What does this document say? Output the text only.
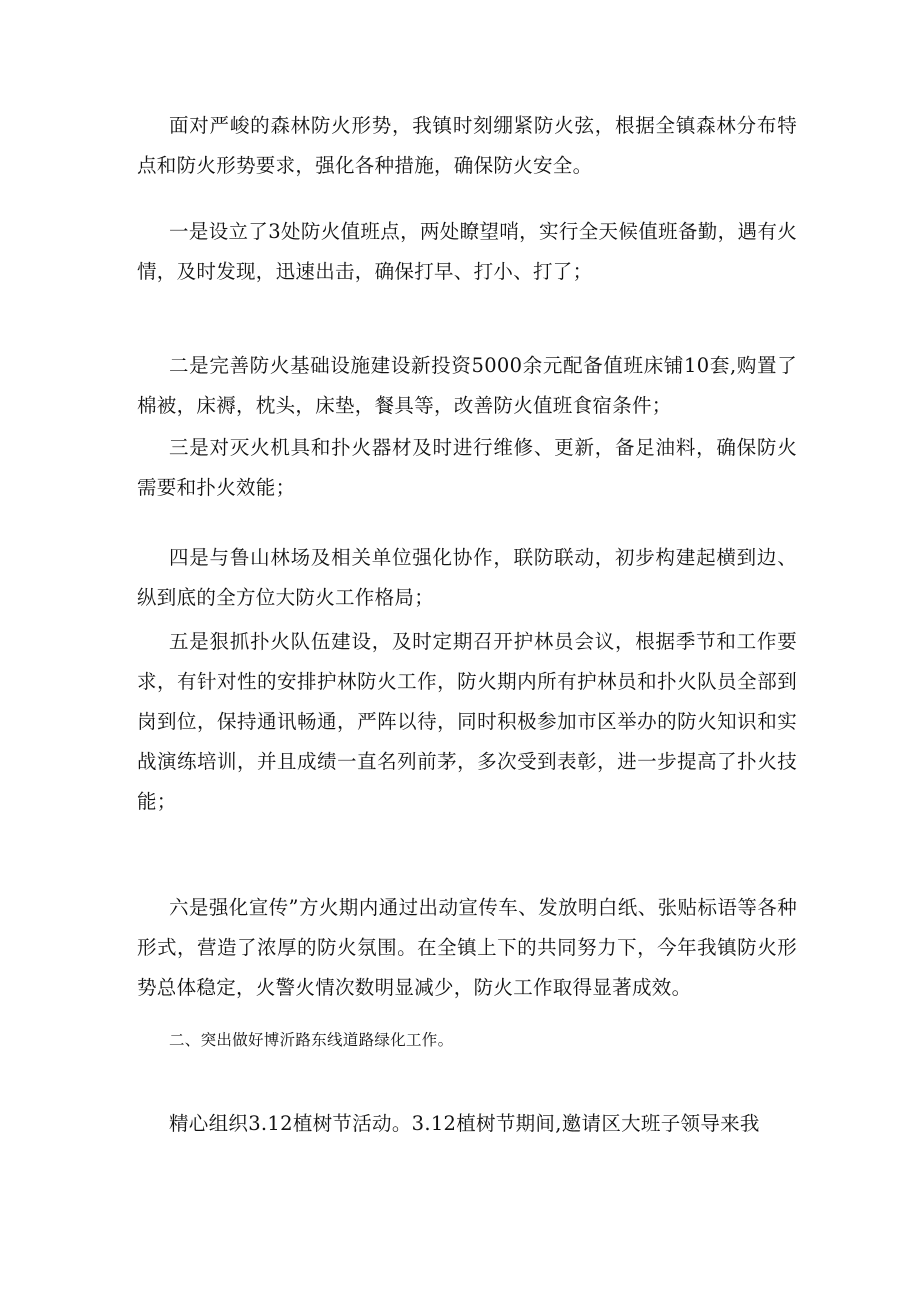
面对严峻的森林防火形势，我镇时刻绷紧防火弦，根据全镇森林分布特点和防火形势要求，强化各种措施，确保防火安全。

一是设立了3处防火值班点，两处瞭望哨，实行全天候值班备勤，遇有火情，及时发现，迅速出击，确保打早、打小、打了；

二是完善防火基础设施建设新投资5000余元配备值班床铺10套,购置了棉被，床褥，枕头，床垫，餐具等，改善防火值班食宿条件；

三是对灭火机具和扑火器材及时进行维修、更新，备足油料，确保防火需要和扑火效能；

四是与鲁山林场及相关单位强化协作，联防联动，初步构建起横到边、纵到底的全方位大防火工作格局；

五是狠抓扑火队伍建设，及时定期召开护林员会议，根据季节和工作要求，有针对性的安排护林防火工作，防火期内所有护林员和扑火队员全部到岗到位，保持通讯畅通，严阵以待，同时积极参加市区举办的防火知识和实战演练培训，并且成绩一直名列前茅，多次受到表彰，进一步提高了扑火技能；

六是强化宣传”方火期内通过出动宣传车、发放明白纸、张贴标语等各种形式，营造了浓厚的防火氛围。在全镇上下的共同努力下，今年我镇防火形势总体稳定，火警火情次数明显减少，防火工作取得显著成效。

二、突出做好博沂路东线道路绿化工作。

精心组织3.12植树节活动。3.12植树节期间,邀请区大班子领导来我
